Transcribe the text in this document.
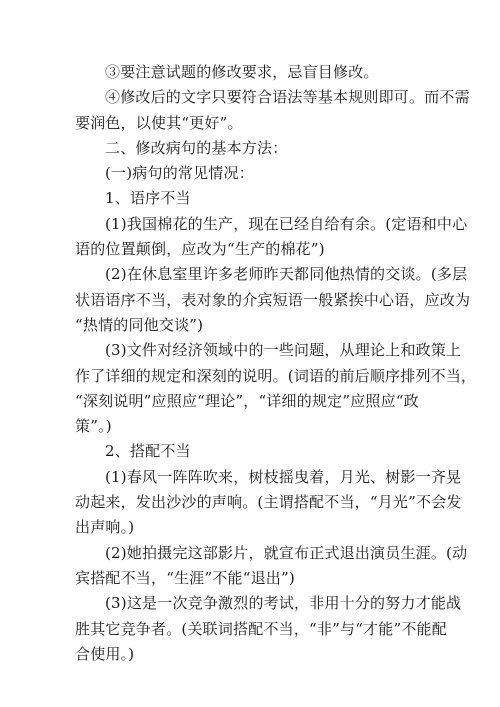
③要注意试题的修改要求，忌盲目修改。
④修改后的文字只要符合语法等基本规则即可。而不需
要润色，以使其“更好”。
二、修改病句的基本方法：
(一)病句的常见情况：
1、语序不当
(1)我国棉花的生产，现在已经自给有余。(定语和中心
语的位置颠倒，应改为“生产的棉花”)
(2)在休息室里许多老师昨天都同他热情的交谈。(多层
状语语序不当，表对象的介宾短语一般紧挨中心语，应改为
“热情的同他交谈”)
(3)文件对经济领域中的一些问题，从理论上和政策上
作了详细的规定和深刻的说明。(词语的前后顺序排列不当，
“深刻说明”应照应“理论”，“详细的规定”应照应“政
策”。)
2、搭配不当
(1)春风一阵阵吹来，树枝摇曳着，月光、树影一齐晃
动起来，发出沙沙的声响。(主谓搭配不当，“月光”不会发
出声响。)
(2)她拍摄完这部影片，就宣布正式退出演员生涯。(动
宾搭配不当，“生涯”不能“退出”)
(3)这是一次竞争激烈的考试，非用十分的努力才能战
胜其它竞争者。(关联词搭配不当，“非”与“才能”不能配
合使用。)
